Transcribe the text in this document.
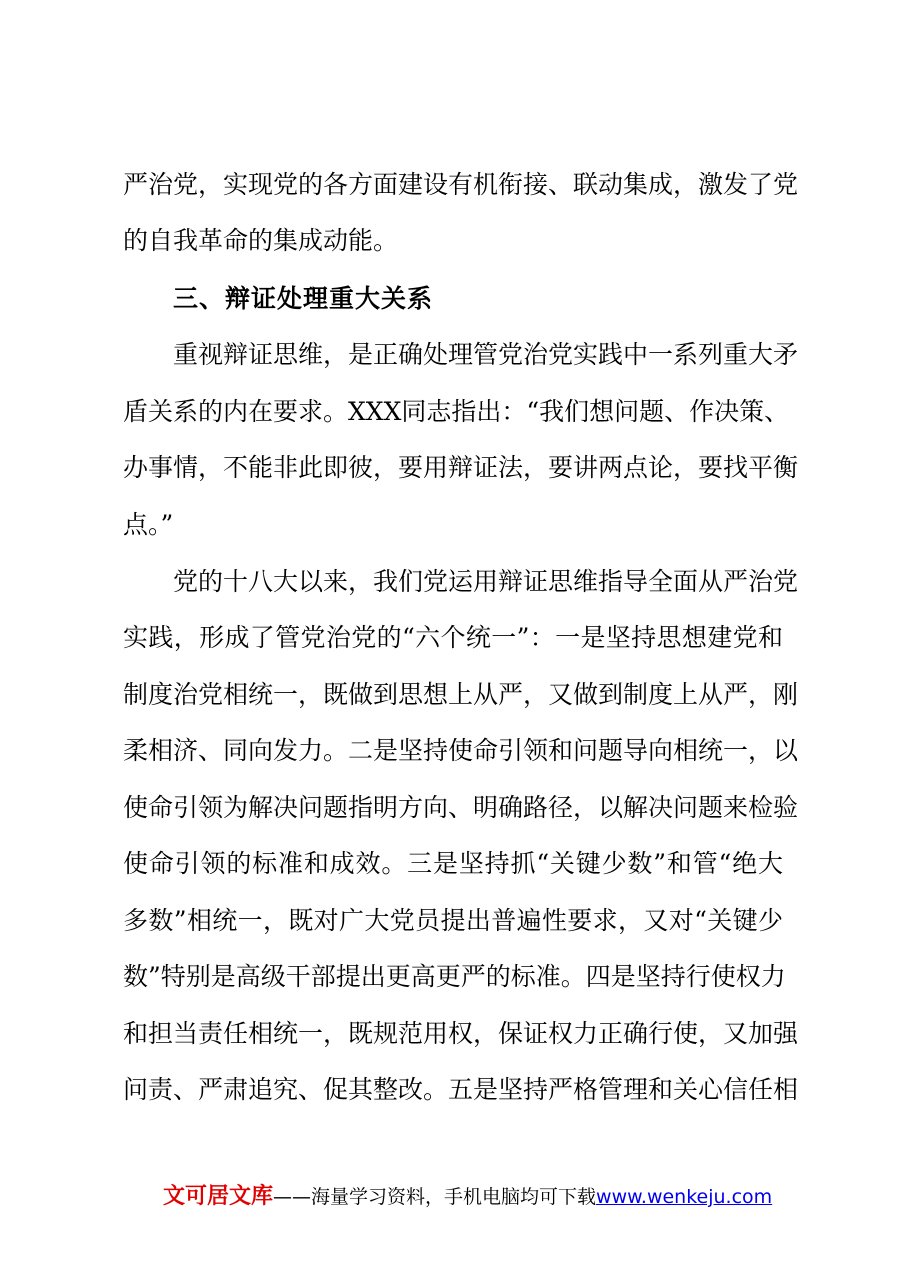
严治党，实现党的各方面建设有机衔接、联动集成，激发了党
的自我革命的集成动能。
三、辩证处理重大关系
重视辩证思维，是正确处理管党治党实践中一系列重大矛
盾关系的内在要求。XXX同志指出：“我们想问题、作决策、
办事情，不能非此即彼，要用辩证法，要讲两点论，要找平衡
点。”
党的十八大以来，我们党运用辩证思维指导全面从严治党
实践，形成了管党治党的“六个统一”：一是坚持思想建党和
制度治党相统一，既做到思想上从严，又做到制度上从严，刚
柔相济、同向发力。二是坚持使命引领和问题导向相统一，以
使命引领为解决问题指明方向、明确路径，以解决问题来检验
使命引领的标准和成效。三是坚持抓“关键少数”和管“绝大
多数”相统一，既对广大党员提出普遍性要求，又对“关键少
数”特别是高级干部提出更高更严的标准。四是坚持行使权力
和担当责任相统一，既规范用权，保证权力正确行使，又加强
问责、严肃追究、促其整改。五是坚持严格管理和关心信任相
文可居文库——海量学习资料，手机电脑均可下载www.wenkeju.com
